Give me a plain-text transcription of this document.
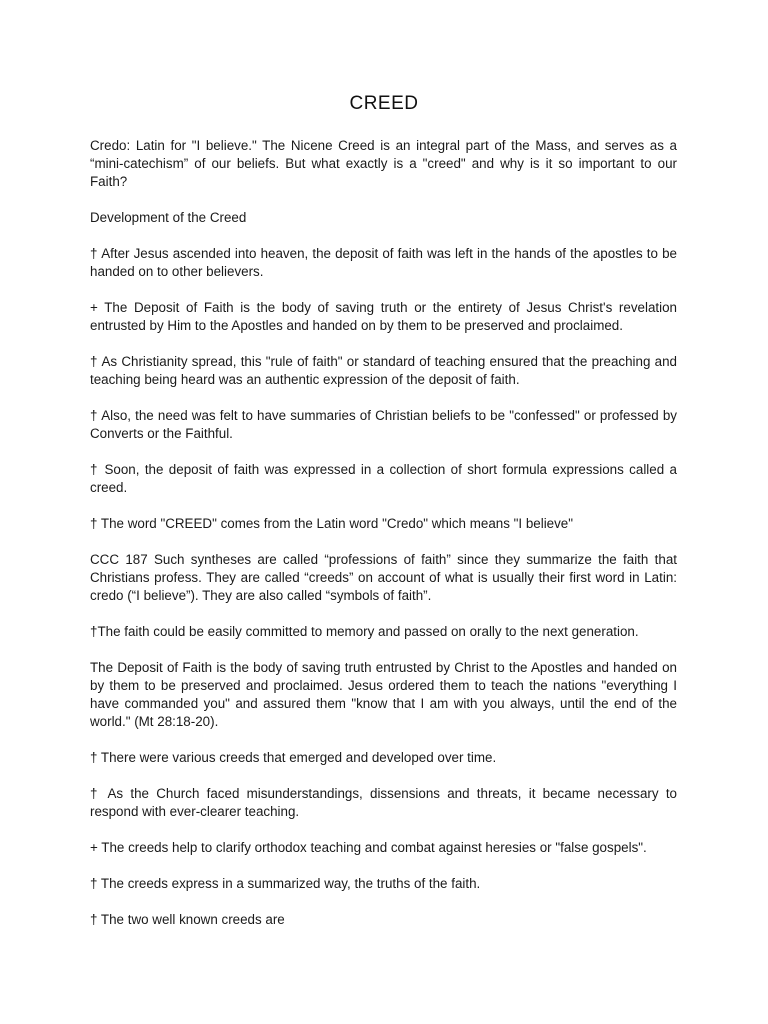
CREED

Credo: Latin for "I believe." The Nicene Creed is an integral part of the Mass, and serves as a “mini-catechism” of our beliefs. But what exactly is a "creed" and why is it so important to our Faith?

Development of the Creed

† After Jesus ascended into heaven, the deposit of faith was left in the hands of the apostles to be handed on to other believers.

+ The Deposit of Faith is the body of saving truth or the entirety of Jesus Christ's revelation entrusted by Him to the Apostles and handed on by them to be preserved and proclaimed.

† As Christianity spread, this "rule of faith" or standard of teaching ensured that the preaching and teaching being heard was an authentic expression of the deposit of faith.

† Also, the need was felt to have summaries of Christian beliefs to be "confessed" or professed by Converts or the Faithful.

† Soon, the deposit of faith was expressed in a collection of short formula expressions called a creed.

† The word "CREED" comes from the Latin word "Credo" which means "I believe"

CCC 187 Such syntheses are called “professions of faith” since they summarize the faith that Christians profess. They are called “creeds” on account of what is usually their first word in Latin: credo (“I believe”). They are also called “symbols of faith”.

†The faith could be easily committed to memory and passed on orally to the next generation.

The Deposit of Faith is the body of saving truth entrusted by Christ to the Apostles and handed on by them to be preserved and proclaimed. Jesus ordered them to teach the nations "everything I have commanded you" and assured them "know that I am with you always, until the end of the world." (Mt 28:18-20).

† There were various creeds that emerged and developed over time.

† As the Church faced misunderstandings, dissensions and threats, it became necessary to respond with ever-clearer teaching.

+ The creeds help to clarify orthodox teaching and combat against heresies or "false gospels".

† The creeds express in a summarized way, the truths of the faith.

† The two well known creeds are
